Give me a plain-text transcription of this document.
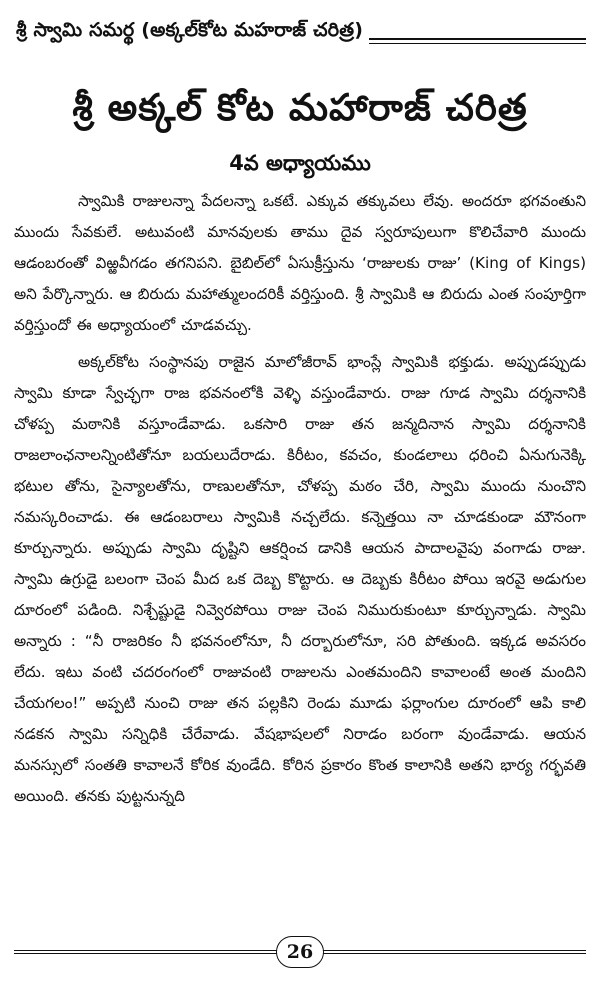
శ్రీ స్వామి సమర్థ (అక్కల్‌కోట మహరాజ్ చరిత్ర)
శ్రీ అక్కల్ కోట మహారాజ్ చరిత్ర
4వ అధ్యాయము

స్వామికి రాజులన్నా పేదలన్నా ఒకటే. ఎక్కువ తక్కువలు లేవు. అందరూ భగవంతుని ముందు సేవకులే. అటువంటి మానవులకు తాము దైవ స్వరూపులుగా కొలిచేవారి ముందు ఆడంబరంతో విఱ్ఱవీగడం తగనిపని. బైబిల్‌లో ఏసుక్రీస్తును ‘రాజులకు రాజు’ (King of Kings) అని పేర్కొన్నారు. ఆ బిరుదు మహాత్ములందరికీ వర్తిస్తుంది. శ్రీ స్వామికి ఆ బిరుదు ఎంత సంపూర్తిగా వర్తిస్తుందో ఈ అధ్యాయంలో చూడవచ్చు.

అక్కల్‌కోట సంస్థానపు రాజైన మాలోజీరావ్ భాంస్లే స్వామికి భక్తుడు. అప్పుడప్పుడు స్వామి కూడా స్వేచ్ఛగా రాజ భవనంలోకి వెళ్ళి వస్తుండేవారు. రాజు గూడ స్వామి దర్శనానికి చోళప్ప మఠానికి వస్తూండేవాడు. ఒకసారి రాజు తన జన్మదినాన స్వామి దర్శనానికి రాజలాంఛనాలన్నింటితోనూ బయలుదేరాడు. కిరీటం, కవచం, కుండలాలు ధరించి ఏనుగునెక్కి భటుల తోను, సైన్యాలతోను, రాణులతోనూ, చోళప్ప మఠం చేరి, స్వామి ముందు నుంచొని నమస్కరించాడు. ఈ ఆడంబరాలు స్వామికి నచ్చలేదు. కన్నెత్తయి నా చూడకుండా మౌనంగా కూర్చున్నారు. అప్పుడు స్వామి దృష్టిని ఆకర్షించ డానికి ఆయన పాదాలవైపు వంగాడు రాజు. స్వామి ఉగ్రుడై బలంగా చెంప మీద ఒక దెబ్బ కొట్టారు. ఆ దెబ్బకు కిరీటం పోయి ఇరవై అడుగుల దూరంలో పడింది. నిశ్చేష్టుడై నివ్వెరపోయి రాజు చెంప నిమురుకుంటూ కూర్చున్నాడు. స్వామి అన్నారు : “నీ రాజరికం నీ భవనంలోనూ, నీ దర్బారులోనూ, సరి పోతుంది. ఇక్కడ అవసరం లేదు. ఇటు వంటి చదరంగంలో రాజువంటి రాజులను ఎంతమందిని కావాలంటే అంత మందిని చేయగలం!” అప్పటి నుంచి రాజు తన పల్లకిని రెండు మూడు ఫర్లాంగుల దూరంలో ఆపి కాలి నడకన స్వామి సన్నిధికి చేరేవాడు. వేషభాషలలో నిరాడం బరంగా వుండేవాడు. ఆయన మనస్సులో సంతతి కావాలనే కోరిక వుండేది. కోరిన ప్రకారం కొంత కాలానికి అతని భార్య గర్భవతి అయింది. తనకు పుట్టనున్నది

26
